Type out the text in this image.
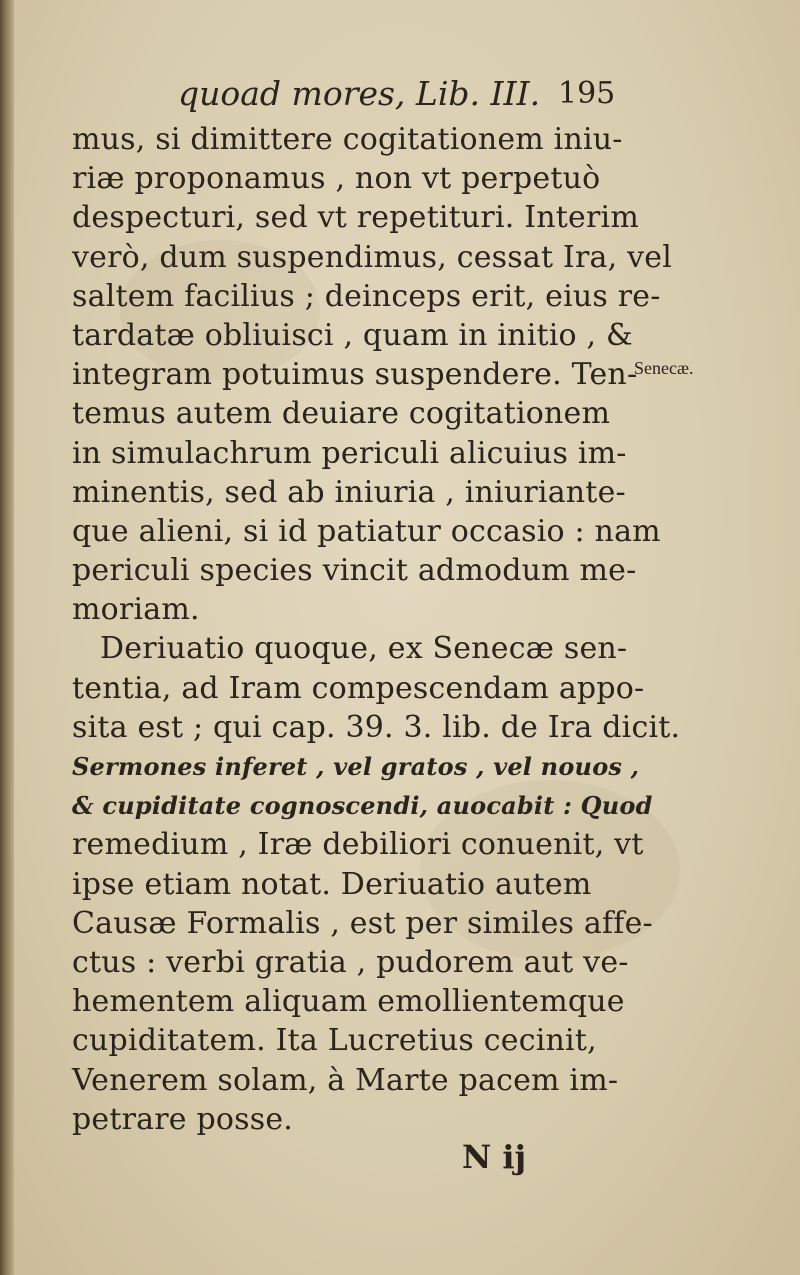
quoad mores, Lib. III. 195
mus, si dimittere cogitationem iniu-
riæ proponamus , non vt perpetuò
despecturi, sed vt repetituri. Interim
verò, dum suspendimus, cessat Ira, vel
saltem facilius ; deinceps erit, eius re-
tardatæ obliuisci , quam in initio , &
integram potuimus suspendere. Ten-
temus autem deuiare cogitationem
in simulachrum periculi alicuius im-
minentis, sed ab iniuria , iniuriante-
que alieni, si id patiatur occasio : nam
periculi species vincit admodum me-
moriam.
Deriuatio quoque, ex Senecæ sen-
tentia, ad Iram compescendam appo-
sita est ; qui cap. 39. 3. lib. de Ira dicit.
Sermones inferet , vel gratos , vel nouos ,
& cupiditate cognoscendi, auocabit : Quod
remedium , Iræ debiliori conuenit, vt
ipse etiam notat. Deriuatio autem
Causæ Formalis , est per similes affe-
ctus : verbi gratia , pudorem aut ve-
hementem aliquam emollientemque
cupiditatem. Ita Lucretius cecinit,
Venerem solam, à Marte pacem im-
petrare posse.
Senecæ.
N ij
